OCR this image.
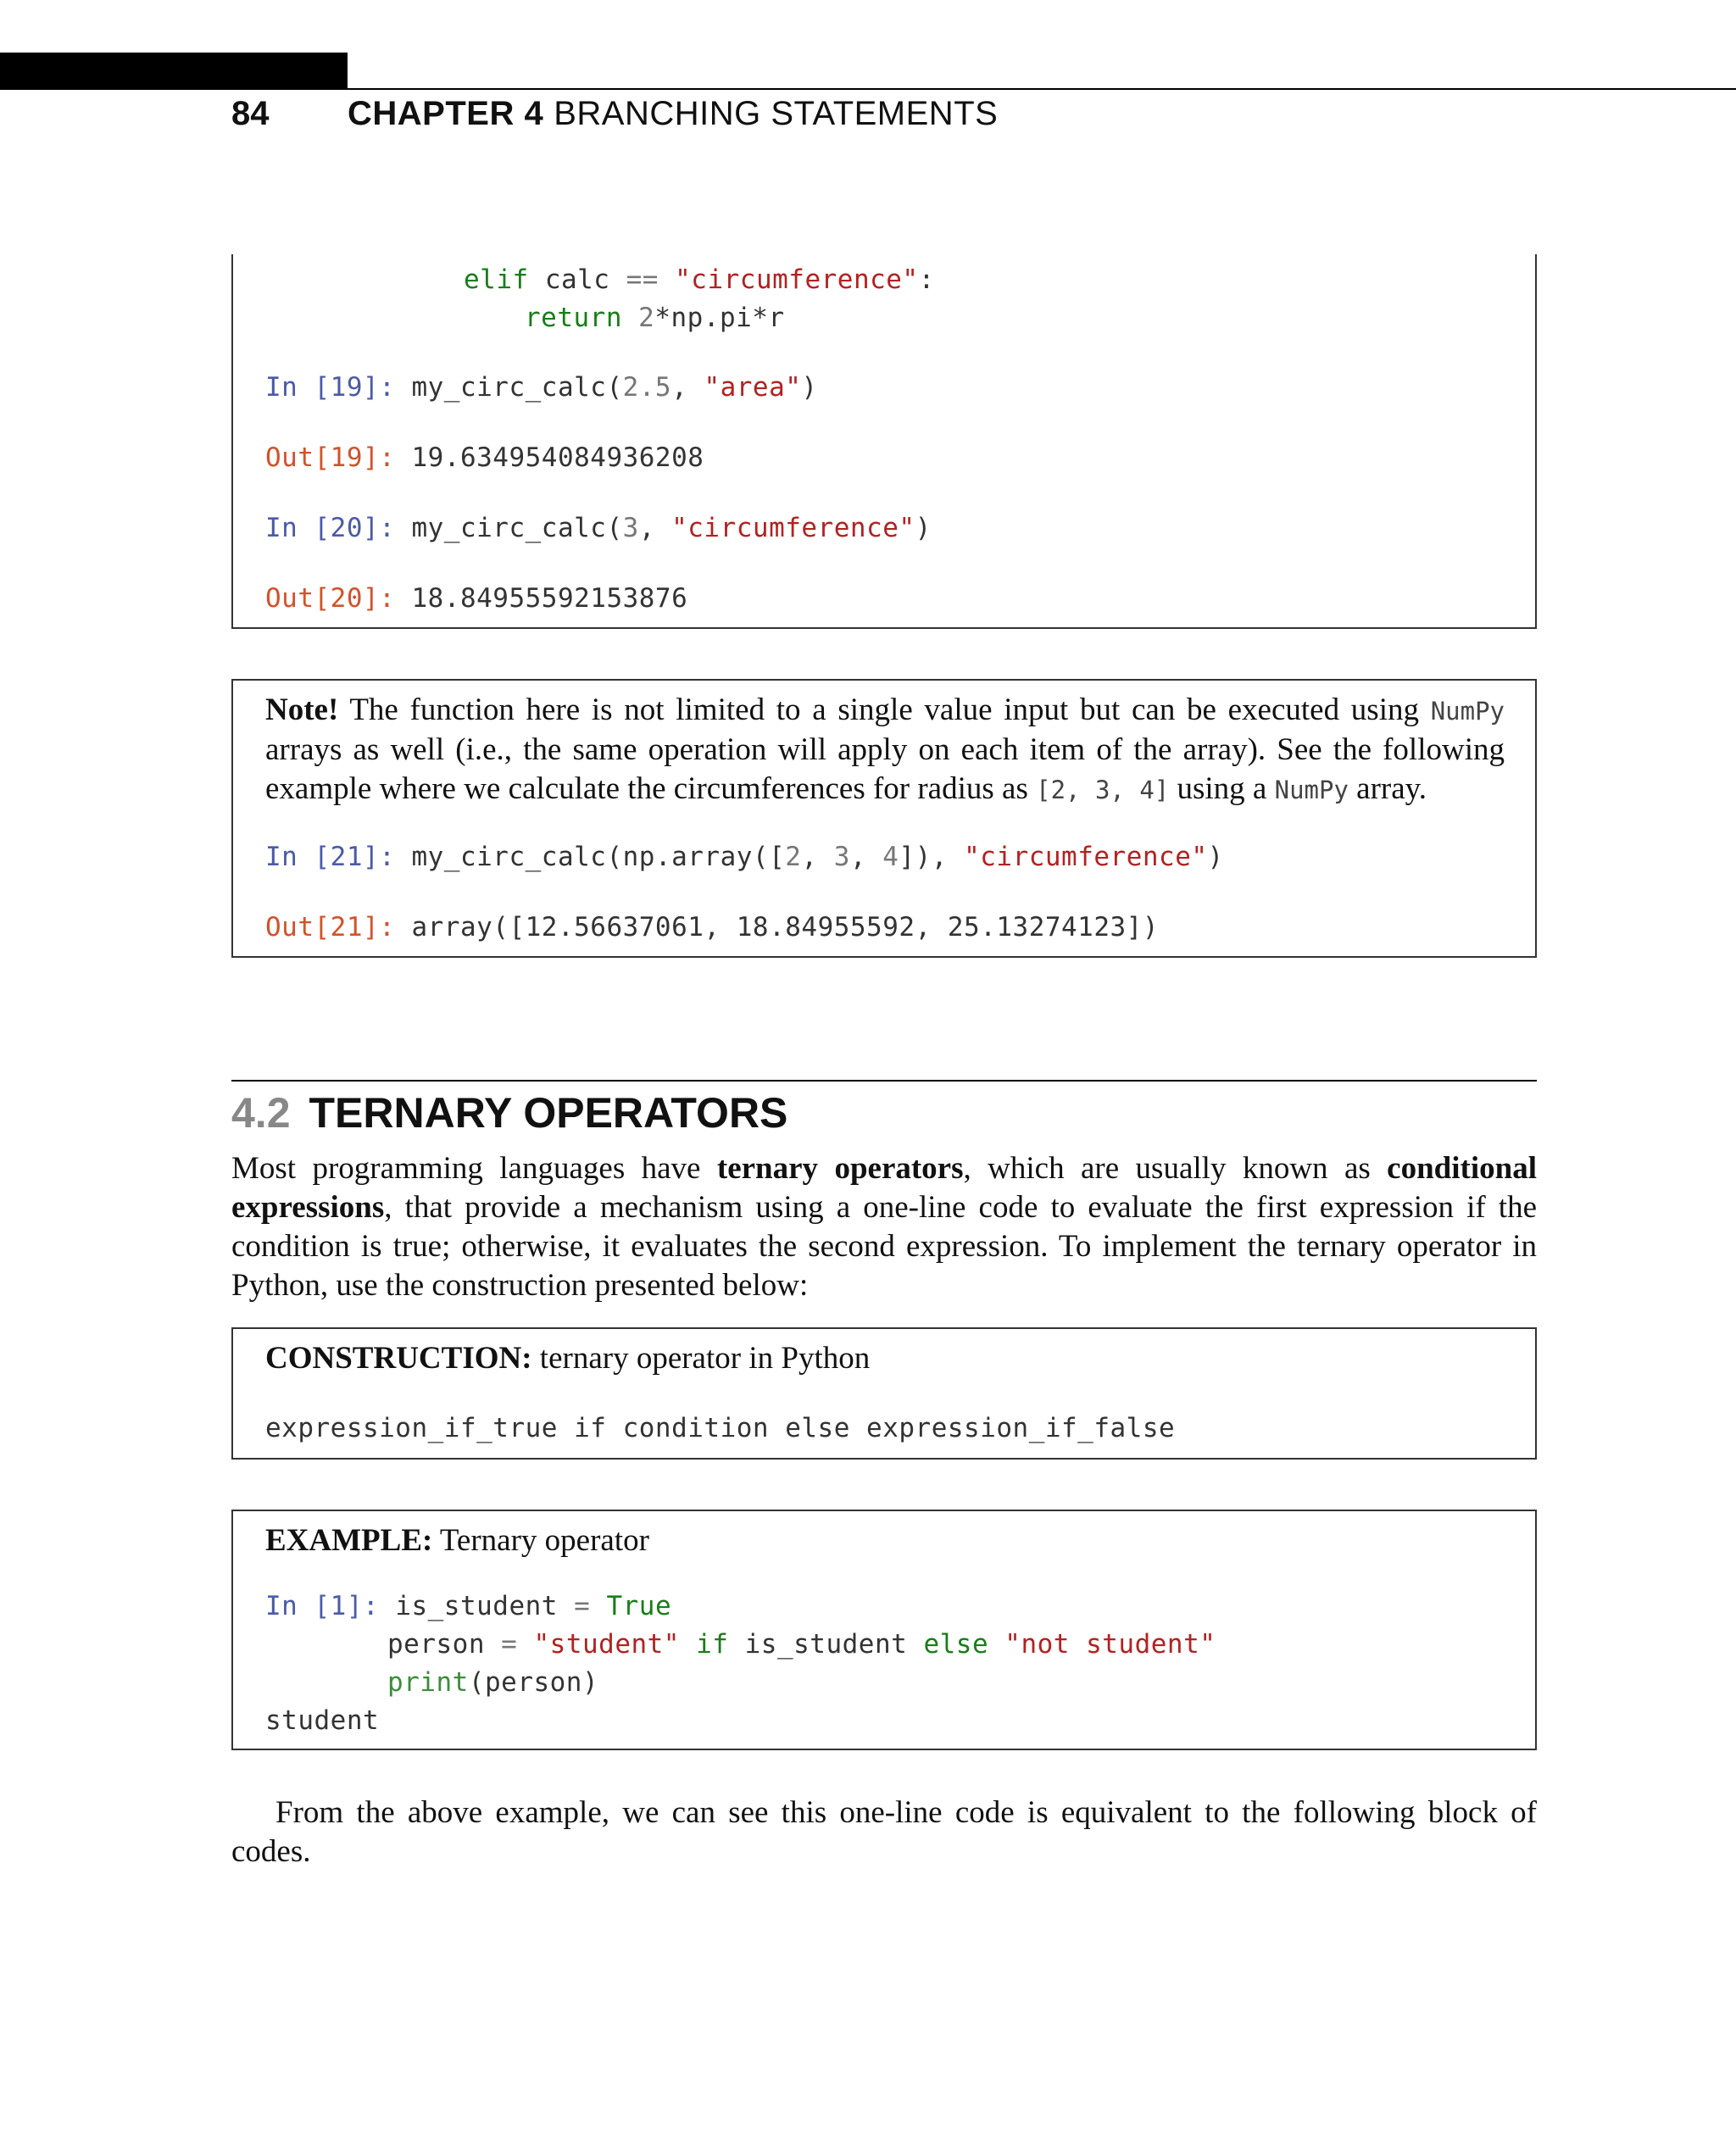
84 CHAPTER 4 BRANCHING STATEMENTS

elif calc == "circumference":

return 2*np.pi*r

In [19]: my_circ_calc(2.5, "area")

Out[19]: 19.634954084936208

In [20]: my_circ_calc(3, "circumference")

Out[20]: 18.84955592153876

Note! The function here is not limited to a single value input but can be executed using NumPy arrays as well (i.e., the same operation will apply on each item of the array). See the following example where we calculate the circumferences for radius as [2, 3, 4] using a NumPy array.
In [21]: my_circ_calc(np.array([2, 3, 4]), "circumference")
Out[21]: array([12.56637061, 18.84955592, 25.13274123])
4.2 TERNARY OPERATORS
Most programming languages have ternary operators, which are usually known as conditional expressions, that provide a mechanism using a one-line code to evaluate the first expression if the condition is true; otherwise, it evaluates the second expression. To implement the ternary operator in Python, use the construction presented below:
CONSTRUCTION: ternary operator in Python
expression_if_true if condition else expression_if_false
EXAMPLE: Ternary operator
In [1]: is_student = True
person = "student" if is_student else "not student"
print(person)
student
From the above example, we can see this one-line code is equivalent to the following block of codes.
